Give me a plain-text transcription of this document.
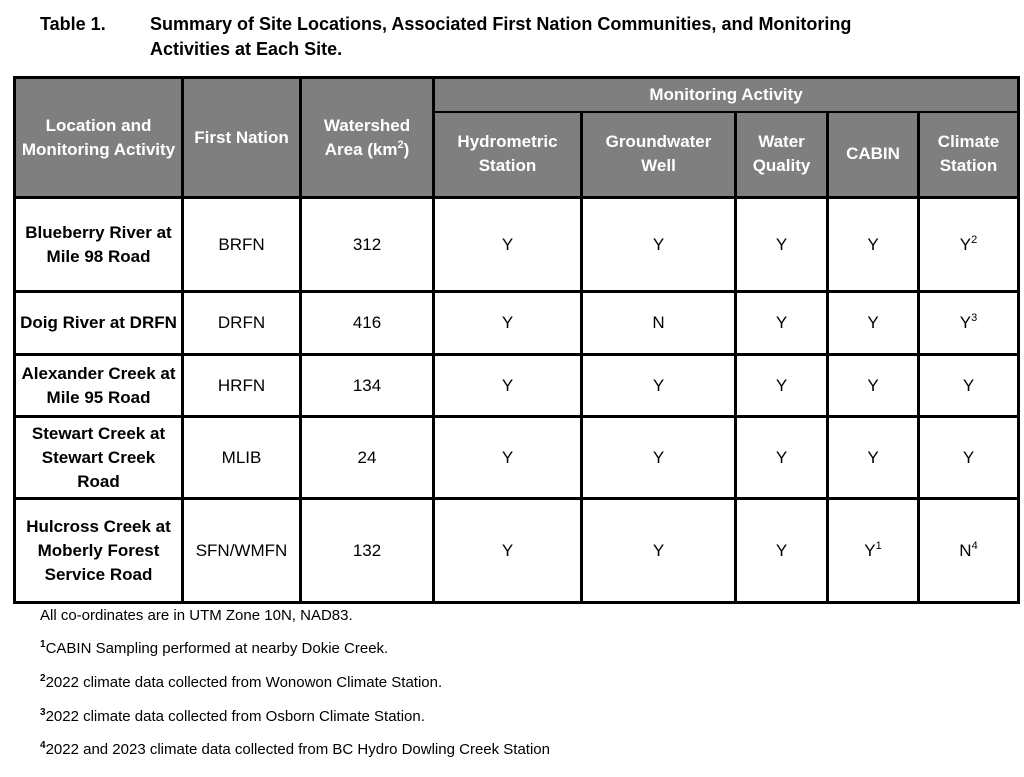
Table 1. Summary of Site Locations, Associated First Nation Communities, and Monitoring Activities at Each Site.
Location and Monitoring Activity	First Nation	Watershed Area $(km^2)$	Monitoring Activity				
			Hydrometric Station	Groundwater Well	Water Quality	CABIN	Climate Station
Blueberry River at Mile 98 Road	BRFN	312	Y	Y	Y	Y	$Y^2$
Doig River at DRFN	DRFN	416	Y	N	Y	Y	$Y^3$
Alexander Creek at Mile 95 Road	HRFN	134	Y	Y	Y	Y	Y
Stewart Creek at Stewart Creek Road	MLIB	24	Y	Y	Y	Y	Y
Hulcross Creek at Moberly Forest Service Road	SFN/WMFN	132	Y	Y	Y	$Y^1$	$N^4$
All co-ordinates are in UTM Zone 10N, NAD83.
$^1$CABIN Sampling performed at nearby Dokie Creek.
$^2$2022 climate data collected from Wonowon Climate Station.
$^3$2022 climate data collected from Osborn Climate Station.
$^4$2022 and 2023 climate data collected from BC Hydro Dowling Creek Station
